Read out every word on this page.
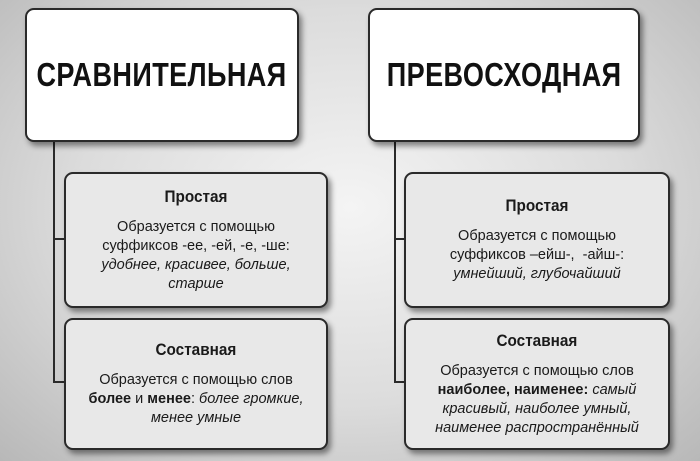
СРАВНИТЕЛЬНАЯ	ПРЕВОСХОДНАЯ
Простая
Образуется с помощью
суффиксов -ее, -ей, -е, -ше:
удобнее, красивее, больше,
старше
Составная
Образуется с помощью слов
более и менее: более громкие,
менее умные
Простая
Образуется с помощью
суффиксов –ейш-,  -айш-:
умнейший, глубочайший
Составная
Образуется с помощью слов
наиболее, наименее: самый
красивый, наиболее умный,
наименее распространённый
